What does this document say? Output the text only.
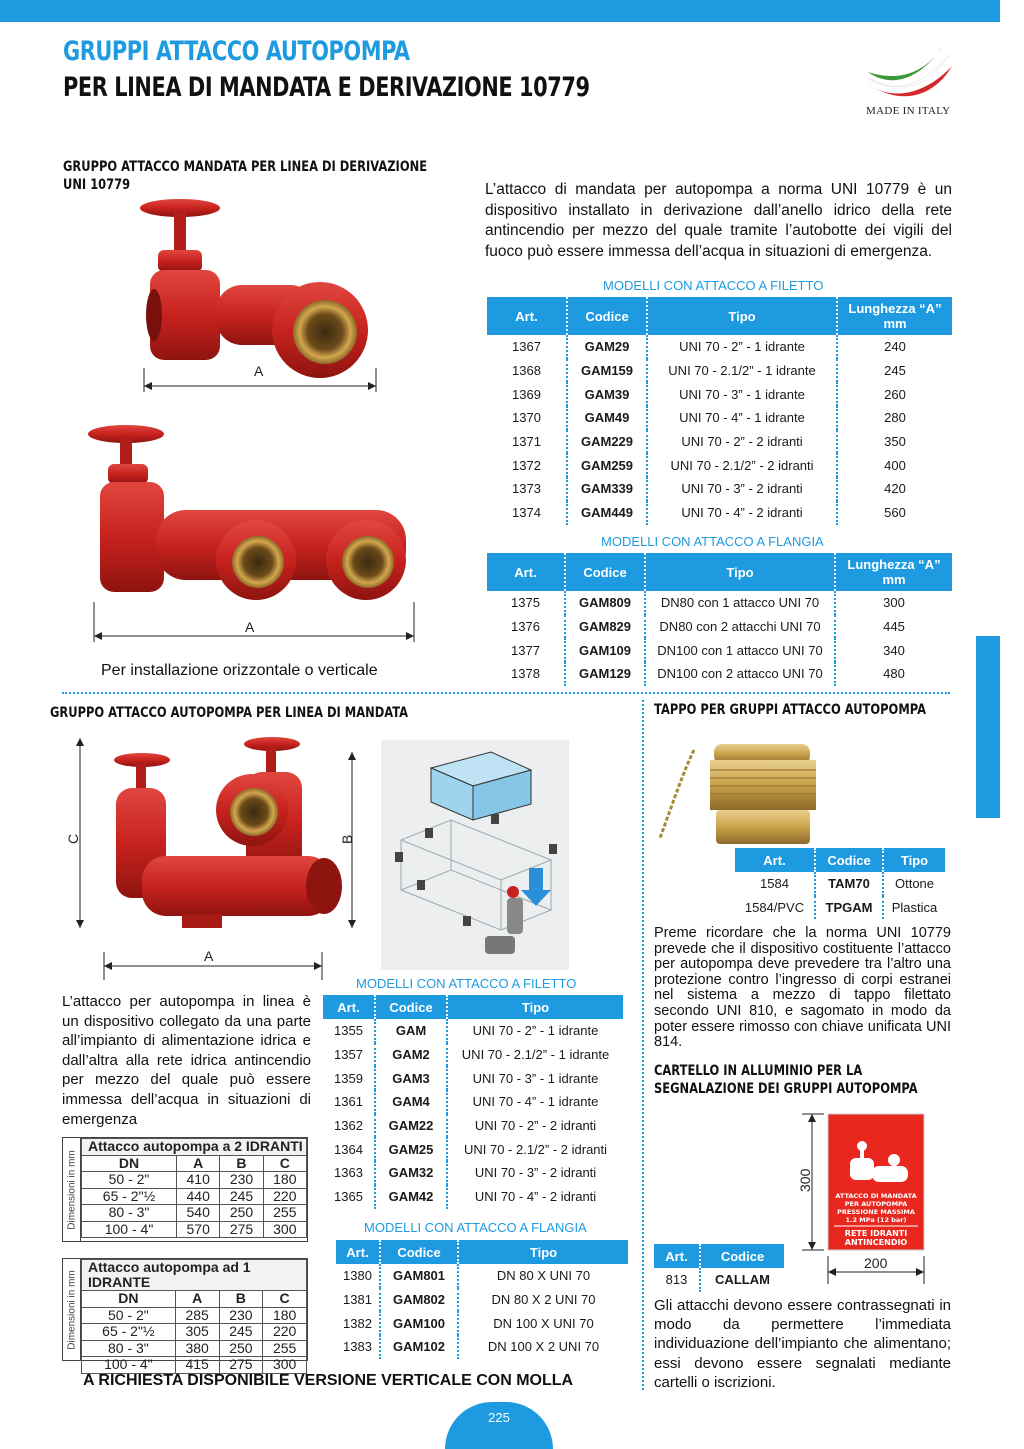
GRUPPI ATTACCO AUTOPOMPA
PER LINEA DI MANDATA E DERIVAZIONE 10779
MADE IN ITALY
GRUPPO ATTACCO MANDATA PER LINEA DI DERIVAZIONE
UNI 10779
A
A
Per installazione orizzontale o verticale
L’attacco di mandata per autopompa a norma UNI 10779 è un dispositivo installato in derivazione dall’anello idrico della rete antincendio per mezzo del quale tramite l’autobotte dei vigili del fuoco può essere immessa dell’acqua in situazioni di emergenza.
MODELLI CON ATTACCO A FILETTO
Art.	Codice	Tipo	Lunghezza “A” mm
1367	GAM29	UNI 70 - 2” - 1 idrante	240
1368	GAM159	UNI 70 - 2.1/2” - 1 idrante	245
1369	GAM39	UNI 70 - 3” - 1 idrante	260
1370	GAM49	UNI 70 - 4” - 1 idrante	280
1371	GAM229	UNI 70 - 2” - 2 idranti	350
1372	GAM259	UNI 70 - 2.1/2” - 2 idranti	400
1373	GAM339	UNI 70 - 3” - 2 idranti	420
1374	GAM449	UNI 70 - 4” - 2 idranti	560
MODELLI CON ATTACCO A FLANGIA
Art.	Codice	Tipo	Lunghezza “A” mm
1375	GAM809	DN80 con 1 attacco UNI 70	300
1376	GAM829	DN80 con 2 attacchi UNI 70	445
1377	GAM109	DN100 con 1 attacco UNI 70	340
1378	GAM129	DN100 con 2 attacco UNI 70	480
GRUPPO ATTACCO AUTOPOMPA PER LINEA DI MANDATA
C	B
A
L’attacco per autopompa in linea è un dispositivo collegato da una parte all’impianto di alimentazione idrica e dall’altra alla rete idrica antincendio per mezzo del quale può essere immessa dell’acqua in situazioni di emergenza
Dimensioni in mm
Attacco autopompa a 2 IDRANTI			
DN	A	B	C
50 - 2"	410	230	180
65 - 2"½	440	245	220
80 - 3"	540	250	255
100 - 4"	570	275	300
Dimensioni in mm
Attacco autopompa ad 1 IDRANTE			
DN	A	B	C
50 - 2"	285	230	180
65 - 2"½	305	245	220
80 - 3"	380	250	255
100 - 4"	415	275	300
MODELLI CON ATTACCO A FILETTO
Art.	Codice	Tipo
1355	GAM	UNI 70 - 2” - 1 idrante
1357	GAM2	UNI 70 - 2.1/2” - 1 idrante
1359	GAM3	UNI 70 - 3” - 1 idrante
1361	GAM4	UNI 70 - 4” - 1 idrante
1362	GAM22	UNI 70 - 2” - 2 idranti
1364	GAM25	UNI 70 - 2.1/2” - 2 idranti
1363	GAM32	UNI 70 - 3” - 2 idranti
1365	GAM42	UNI 70 - 4” - 2 idranti
MODELLI CON ATTACCO A FLANGIA
Art.	Codice	Tipo
1380	GAM801	DN 80 X UNI 70
1381	GAM802	DN 80 X 2 UNI 70
1382	GAM100	DN 100 X UNI 70
1383	GAM102	DN 100 X 2 UNI 70
A RICHIESTA DISPONIBILE VERSIONE VERTICALE CON MOLLA
TAPPO PER GRUPPI ATTACCO AUTOPOMPA
Art.	Codice	Tipo
1584	TAM70	Ottone
1584/PVC	TPGAM	Plastica
Preme ricordare che la norma UNI 10779 prevede che il dispositivo costituente l’attacco per autopompa deve prevedere tra l’altro una protezione contro l’ingresso di corpi estranei nel sistema a mezzo di tappo filettato secondo UNI 810, e sagomato in modo da poter essere rimosso con chiave unificata UNI 814.
CARTELLO IN ALLUMINIO PER LA
SEGNALAZIONE DEI GRUPPI AUTOPOMPA
300
ATTACCO DI MANDATA
PER AUTOPOMPA
PRESSIONE MASSIMA
1.2 MPa (12 bar)
RETE IDRANTI
ANTINCENDIO
200
Art.	Codice
813	CALLAM
Gli attacchi devono essere contrassegnati in modo da permettere l’immediata individuazione dell’impianto che alimentano; essi devono essere segnalati mediante cartelli o iscrizioni.
225
